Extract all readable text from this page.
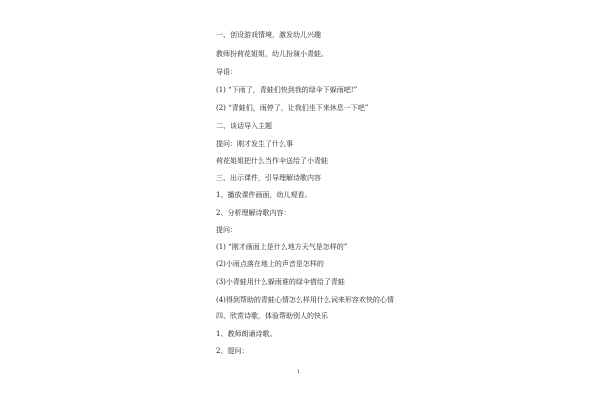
一、创设游戏情境，激发幼儿兴趣
教师扮荷花姐姐，幼儿扮演小青蛙。
导语：
(1) “下雨了，青蛙们快到我的绿伞下躲雨吧!”
(2) “青蛙们，雨停了，让我们坐下来休息一下吧”
二、谈话导入主题
提问：刚才发生了什么事
荷花姐姐把什么当作伞送给了小青蛙
三、出示课件，引导理解诗歌内容
1、播放课件画面，幼儿观看。
2、分析理解诗歌内容：
提问：
(1) “刚才画面上是什么地方天气是怎样的”
(2)小雨点落在地上的声音是怎样的
(3)小青蛙用什么躲雨谁的绿伞借给了青蛙
(4)得到帮助的青蛙心情怎么样用什么词来形容欢快的心情
四、欣赏诗歌，体验帮助别人的快乐
1、教师朗诵诗歌。
2、提问：
1
